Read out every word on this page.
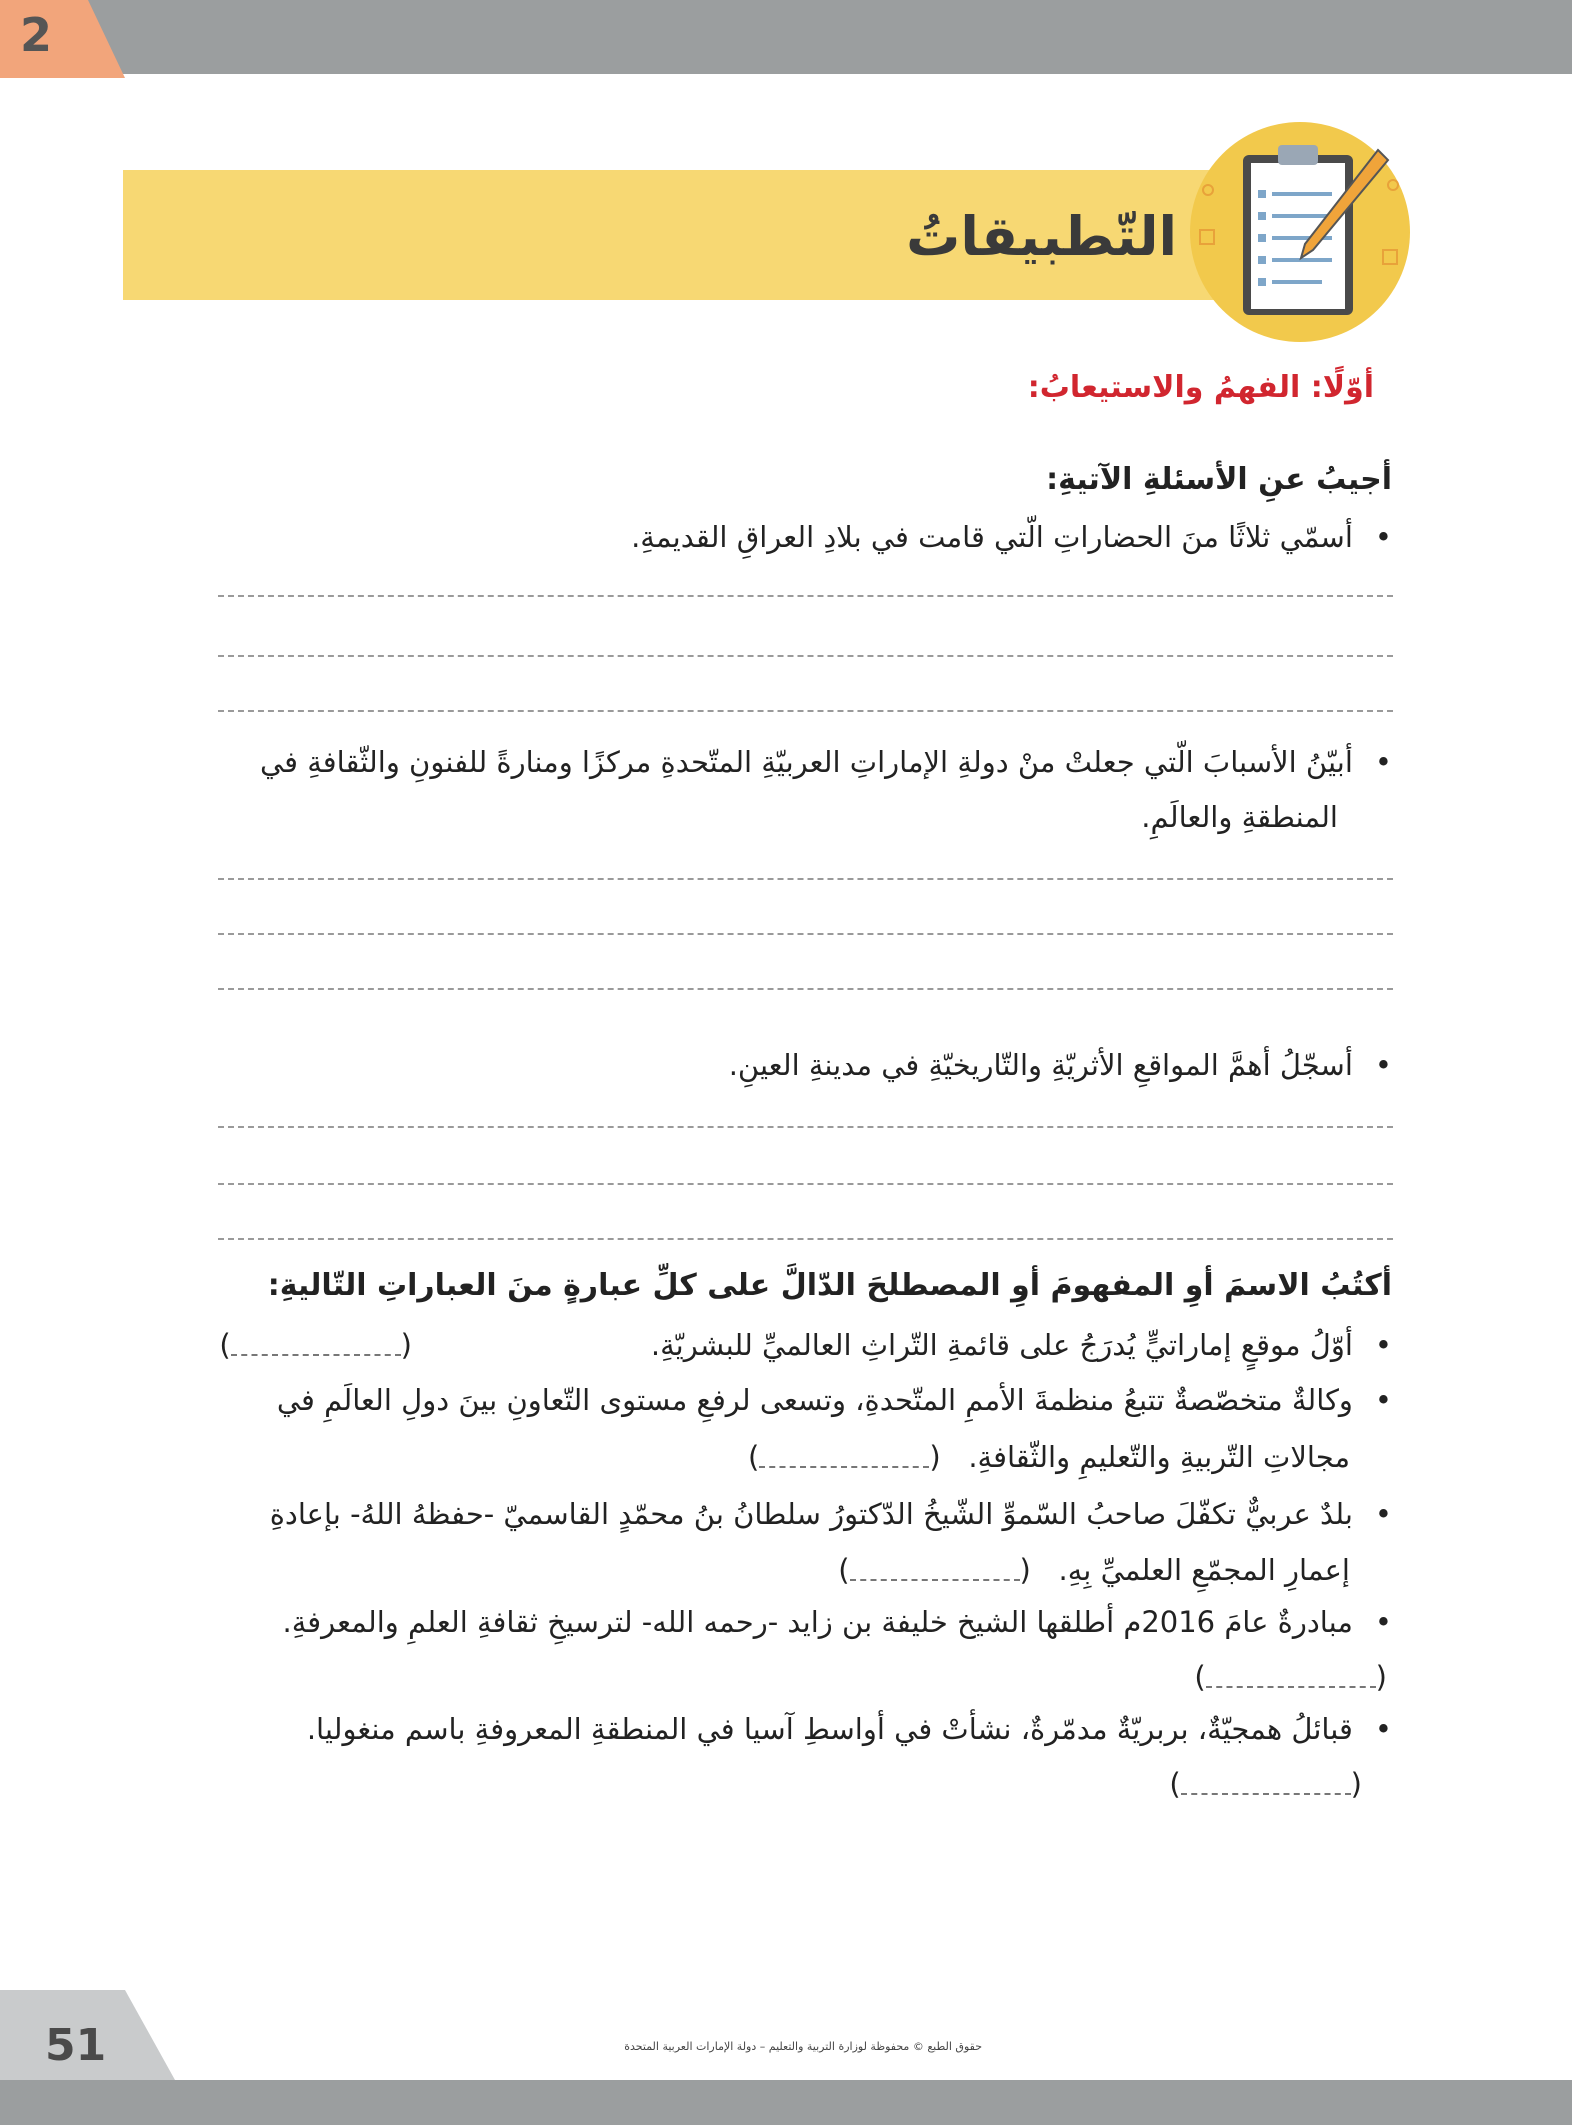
2
التّطبيقاتُ
أوّلًا: الفهمُ والاستيعابُ:
أجيبُ عنِ الأسئلةِ الآتيةِ:
•أسمّي ثلاثًا منَ الحضاراتِ الّتي قامت في بلادِ العراقِ القديمةِ.
•أبيّنُ الأسبابَ الّتي جعلتْ منْ دولةِ الإماراتِ العربيّةِ المتّحدةِ مركزًا ومنارةً للفنونِ والثّقافةِ في
المنطقةِ والعالَمِ.
•أسجّلُ أهمَّ المواقعِ الأثريّةِ والتّاريخيّةِ في مدينةِ العينِ.
أكتُبُ الاسمَ أوِ المفهومَ أوِ المصطلحَ الدّالَّ على كلِّ عبارةٍ منَ العباراتِ التّاليةِ:
•أوّلُ موقعٍ إماراتيٍّ يُدرَجُ على قائمةِ التّراثِ العالميِّ للبشريّةِ.
()
•وكالةٌ متخصّصةٌ تتبعُ منظمةَ الأممِ المتّحدةِ، وتسعى لرفعِ مستوى التّعاونِ بينَ دولِ العالَمِ في
مجالاتِ التّربيةِ والتّعليمِ والثّقافةِ.   ()
•بلدٌ عربيٌّ تكفّلَ صاحبُ السّموِّ الشّيخُ الدّكتورُ سلطانُ بنُ محمّدٍ القاسميّ -حفظهُ اللهُ- بإعادةِ
إعمارِ المجمّعِ العلميِّ بِهِ.   ()
•مبادرةٌ عامَ 2016م أطلقها الشيخ خليفة بن زايد -رحمه الله- لترسيخِ ثقافةِ العلمِ والمعرفةِ.
()
•قبائلُ همجيّةٌ، بربريّةٌ مدمّرةٌ، نشأتْ في أواسطِ آسيا في المنطقةِ المعروفةِ باسم منغوليا.
()
51	حقوق الطبع © محفوظة لوزارة التربية والتعليم – دولة الإمارات العربية المتحدة
